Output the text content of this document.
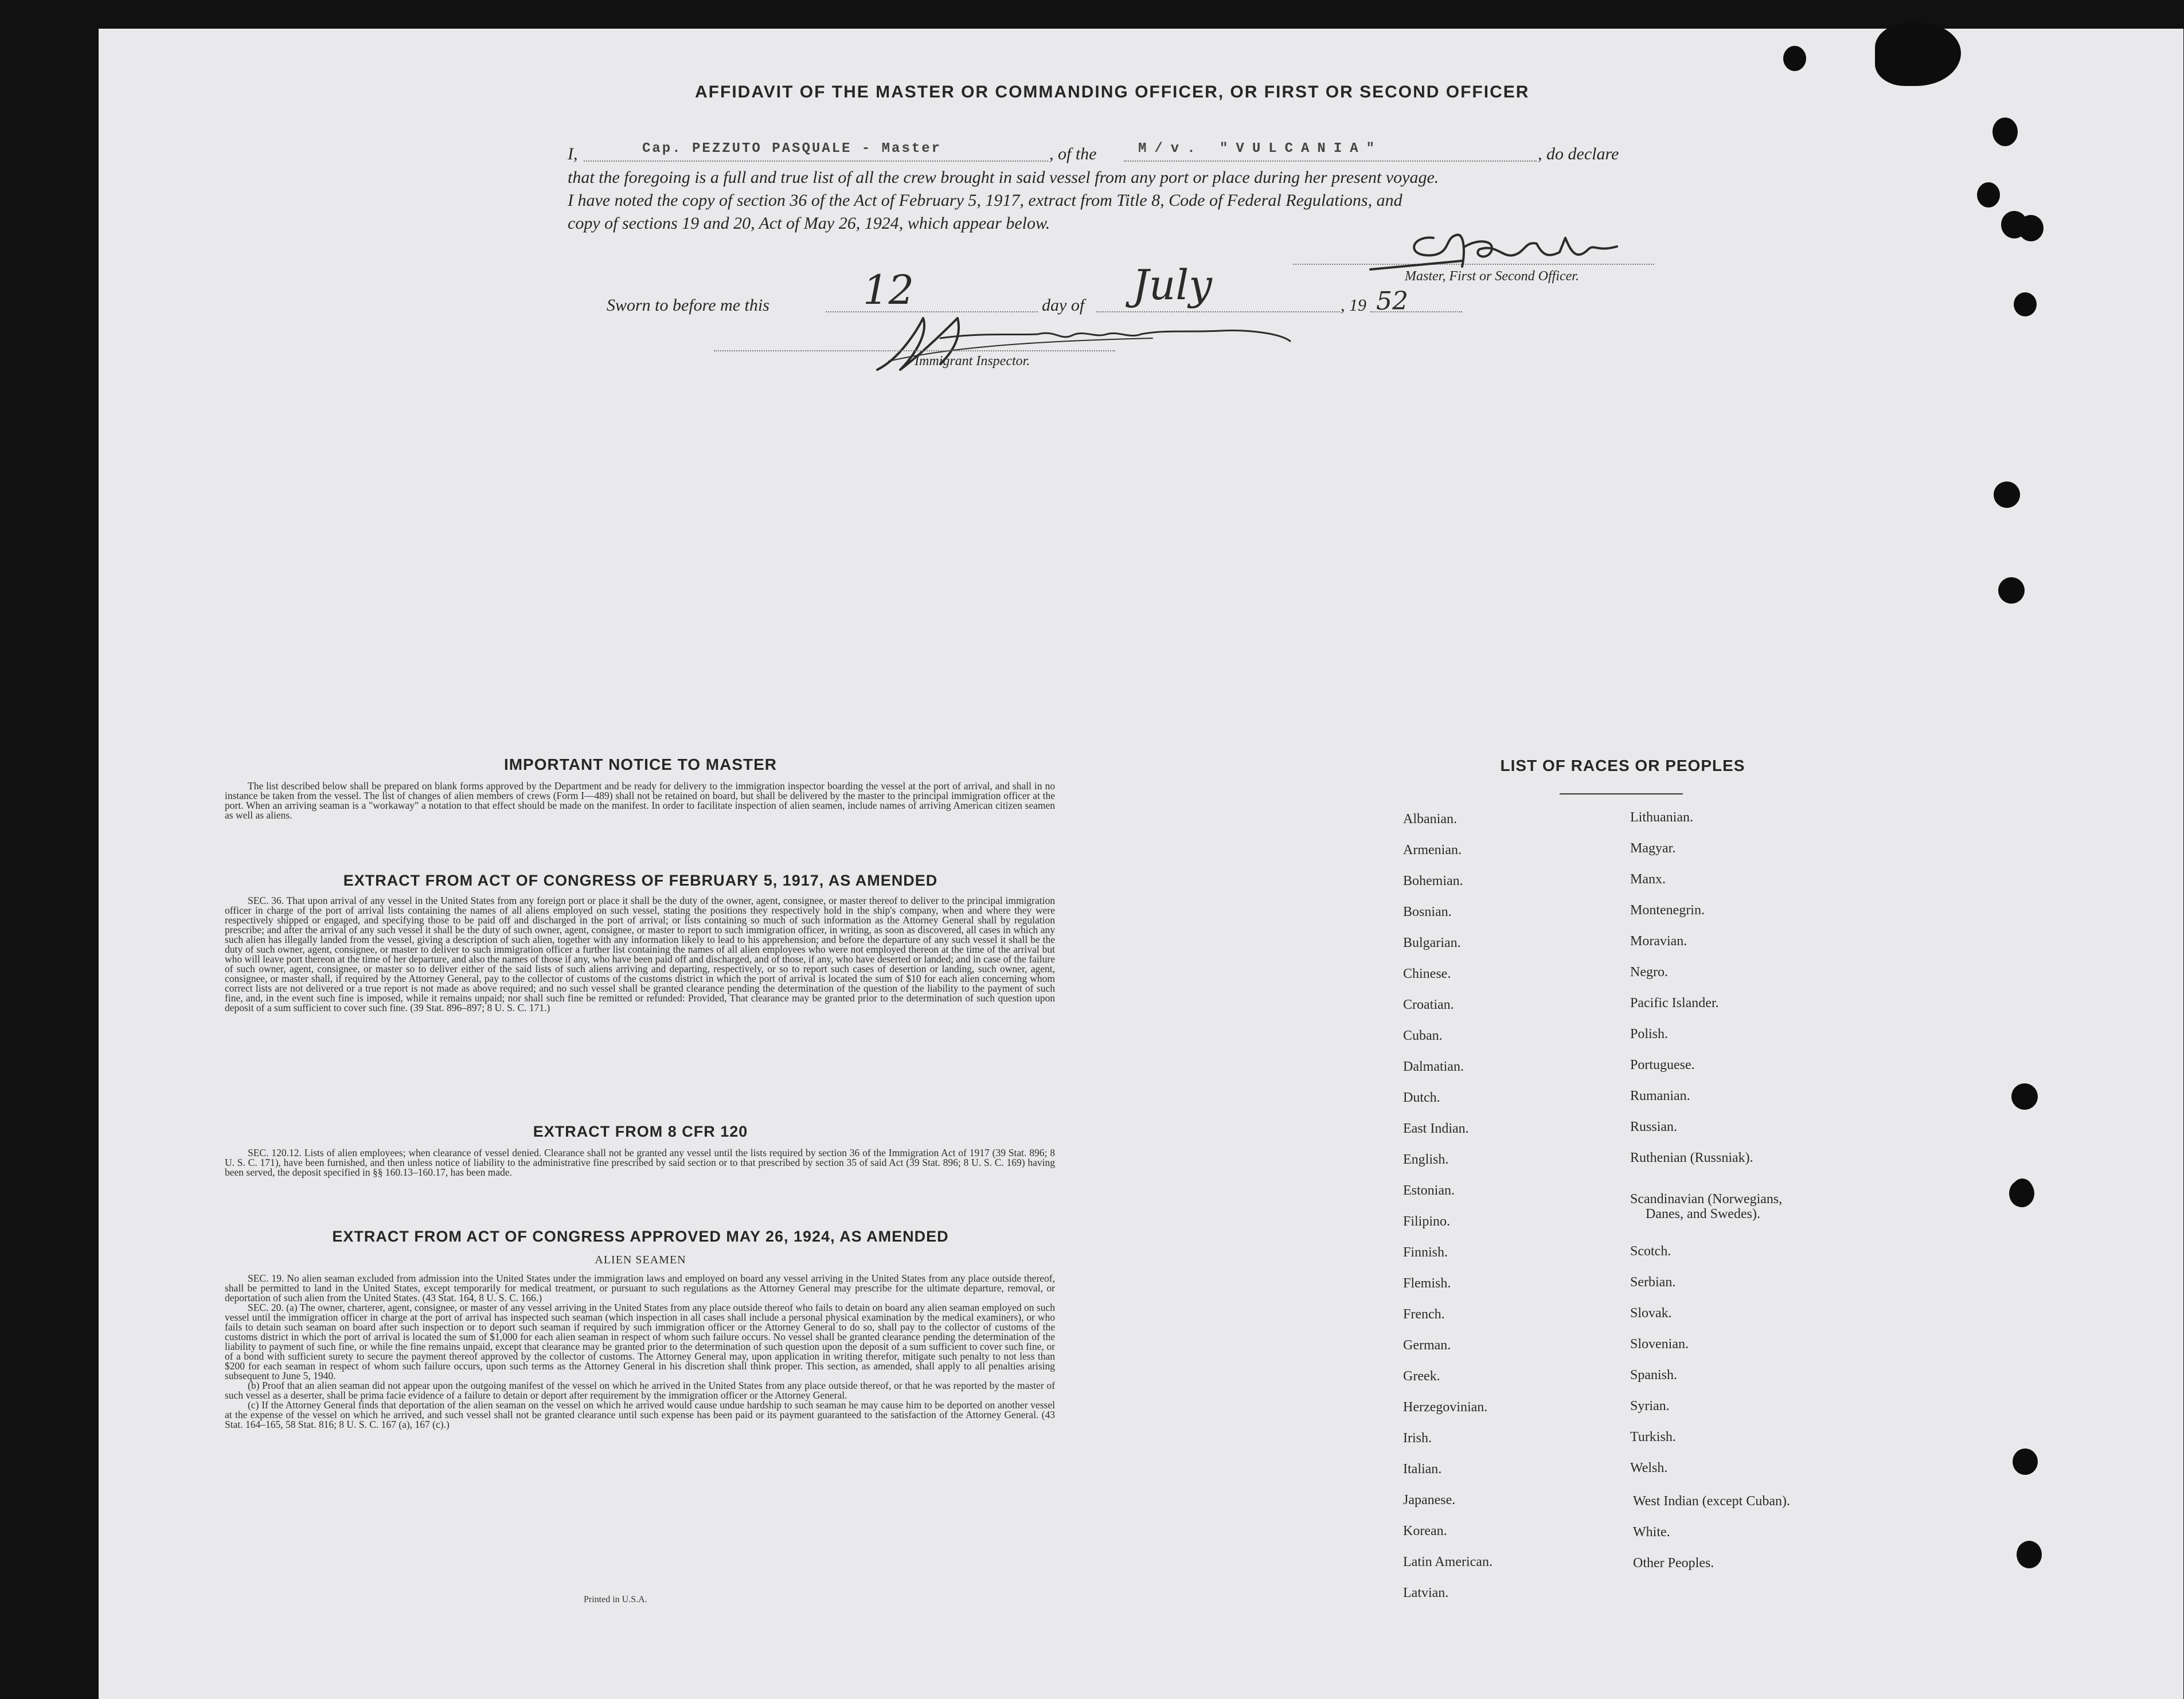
AFFIDAVIT OF THE MASTER OR COMMANDING OFFICER, OR FIRST OR SECOND OFFICER
I,	Cap. PEZZUTO PASQUALE - Master	, of the	M/v. "VULCANIA"	, do declare
that the foregoing is a full and true list of all the crew brought in said vessel from any port or place during her present voyage.
I have noted the copy of section 36 of the Act of February 5, 1917, extract from Title 8, Code of Federal Regulations, and
copy of sections 19 and 20, Act of May 26, 1924, which appear below.
Master, First or Second Officer.
Sworn to before me this 12	day of July	, 19 52
Immigrant Inspector.
IMPORTANT NOTICE TO MASTER

The list described below shall be prepared on blank forms approved by the Department and be ready for delivery to the immigration inspector boarding the vessel at the port of arrival, and shall in no instance be taken from the vessel. The list of changes of alien members of crews (Form I—489) shall not be retained on board, but shall be delivered by the master to the principal immigration officer at the port. When an arriving seaman is a "workaway" a notation to that effect should be made on the manifest. In order to facilitate inspection of alien seamen, include names of arriving American citizen seamen as well as aliens.

EXTRACT FROM ACT OF CONGRESS OF FEBRUARY 5, 1917, AS AMENDED

SEC. 36. That upon arrival of any vessel in the United States from any foreign port or place it shall be the duty of the owner, agent, consignee, or master thereof to deliver to the principal immigration officer in charge of the port of arrival lists containing the names of all aliens employed on such vessel, stating the positions they respectively hold in the ship's company, when and where they were respectively shipped or engaged, and specifying those to be paid off and discharged in the port of arrival; or lists containing so much of such information as the Attorney General shall by regulation prescribe; and after the arrival of any such vessel it shall be the duty of such owner, agent, consignee, or master to report to such immigration officer, in writing, as soon as discovered, all cases in which any such alien has illegally landed from the vessel, giving a description of such alien, together with any information likely to lead to his apprehension; and before the departure of any such vessel it shall be the duty of such owner, agent, consignee, or master to deliver to such immigration officer a further list containing the names of all alien employees who were not employed thereon at the time of the arrival but who will leave port thereon at the time of her departure, and also the names of those if any, who have been paid off and discharged, and of those, if any, who have deserted or landed; and in case of the failure of such owner, agent, consignee, or master so to deliver either of the said lists of such aliens arriving and departing, respectively, or so to report such cases of desertion or landing, such owner, agent, consignee, or master shall, if required by the Attorney General, pay to the collector of customs of the customs district in which the port of arrival is located the sum of $10 for each alien concerning whom correct lists are not delivered or a true report is not made as above required; and no such vessel shall be granted clearance pending the determination of the question of the liability to the payment of such fine, and, in the event such fine is imposed, while it remains unpaid; nor shall such fine be remitted or refunded: Provided, That clearance may be granted prior to the determination of such question upon deposit of a sum sufficient to cover such fine. (39 Stat. 896–897; 8 U. S. C. 171.)

EXTRACT FROM 8 CFR 120

SEC. 120.12. Lists of alien employees; when clearance of vessel denied. Clearance shall not be granted any vessel until the lists required by section 36 of the Immigration Act of 1917 (39 Stat. 896; 8 U. S. C. 171), have been furnished, and then unless notice of liability to the administrative fine prescribed by said section or to that prescribed by section 35 of said Act (39 Stat. 896; 8 U. S. C. 169) having been served, the deposit specified in §§ 160.13–160.17, has been made.

EXTRACT FROM ACT OF CONGRESS APPROVED MAY 26, 1924, AS AMENDED
ALIEN SEAMEN

SEC. 19. No alien seaman excluded from admission into the United States under the immigration laws and employed on board any vessel arriving in the United States from any place outside thereof, shall be permitted to land in the United States, except temporarily for medical treatment, or pursuant to such regulations as the Attorney General may prescribe for the ultimate departure, removal, or deportation of such alien from the United States. (43 Stat. 164, 8 U. S. C. 166.)

SEC. 20. (a) The owner, charterer, agent, consignee, or master of any vessel arriving in the United States from any place outside thereof who fails to detain on board any alien seaman employed on such vessel until the immigration officer in charge at the port of arrival has inspected such seaman (which inspection in all cases shall include a personal physical examination by the medical examiners), or who fails to detain such seaman on board after such inspection or to deport such seaman if required by such immigration officer or the Attorney General to do so, shall pay to the collector of customs of the customs district in which the port of arrival is located the sum of $1,000 for each alien seaman in respect of whom such failure occurs. No vessel shall be granted clearance pending the determination of the liability to payment of such fine, or while the fine remains unpaid, except that clearance may be granted prior to the determination of such question upon the deposit of a sum sufficient to cover such fine, or of a bond with sufficient surety to secure the payment thereof approved by the collector of customs. The Attorney General may, upon application in writing therefor, mitigate such penalty to not less than $200 for each seaman in respect of whom such failure occurs, upon such terms as the Attorney General in his discretion shall think proper. This section, as amended, shall apply to all penalties arising subsequent to June 5, 1940.

(b) Proof that an alien seaman did not appear upon the outgoing manifest of the vessel on which he arrived in the United States from any place outside thereof, or that he was reported by the master of such vessel as a deserter, shall be prima facie evidence of a failure to detain or deport after requirement by the immigration officer or the Attorney General.

(c) If the Attorney General finds that deportation of the alien seaman on the vessel on which he arrived would cause undue hardship to such seaman he may cause him to be deported on another vessel at the expense of the vessel on which he arrived, and such vessel shall not be granted clearance until such expense has been paid or its payment guaranteed to the satisfaction of the Attorney General. (43 Stat. 164–165, 58 Stat. 816; 8 U. S. C. 167 (a), 167 (c).)

Printed in U.S.A.
LIST OF RACES OR PEOPLES
Albanian.
Armenian.
Bohemian.
Bosnian.
Bulgarian.
Chinese.
Croatian.
Cuban.
Dalmatian.
Dutch.
East Indian.
English.
Estonian.
Filipino.
Finnish.
Flemish.
French.
German.
Greek.
Herzegovinian.
Irish.
Italian.
Japanese.
Korean.
Latin American.
Latvian.
Lithuanian.
Magyar.
Manx.
Montenegrin.
Moravian.
Negro.
Pacific Islander.
Polish.
Portuguese.
Rumanian.
Russian.
Ruthenian (Russniak).
Scandinavian (Norwegians,
Danes, and Swedes).
Scotch.
Serbian.
Slovak.
Slovenian.
Spanish.
Syrian.
Turkish.
Welsh.
West Indian (except Cuban).
White.
Other Peoples.
